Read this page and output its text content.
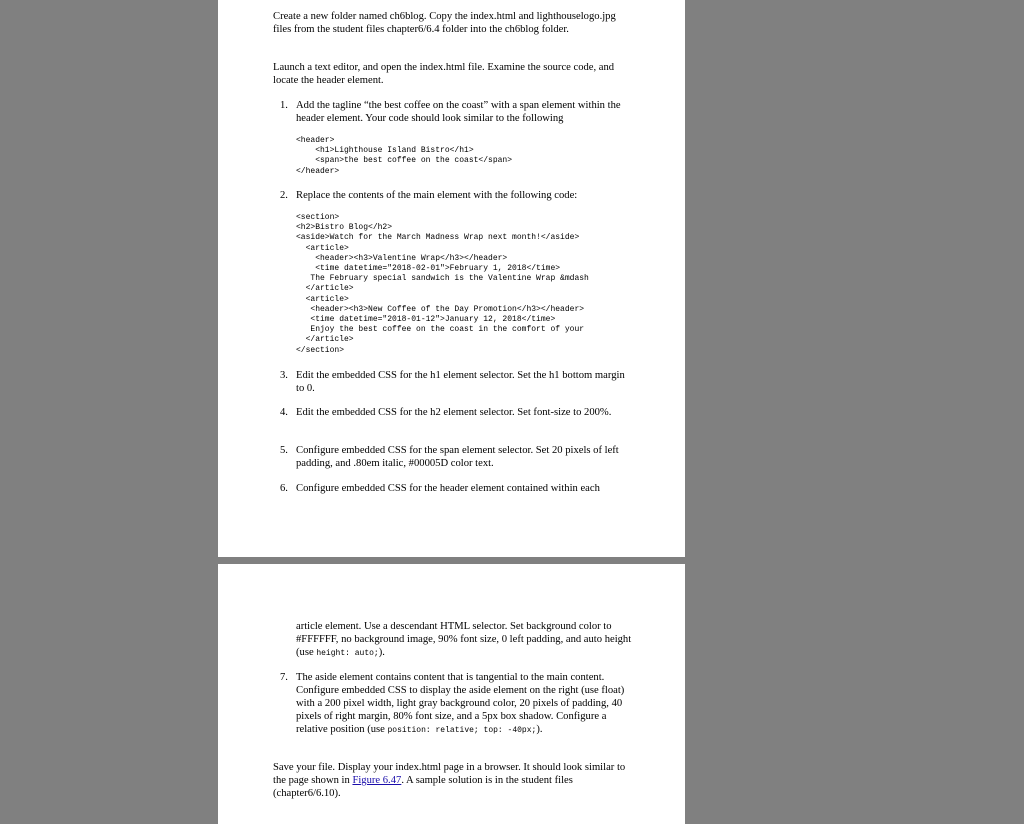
Create a new folder named ch6blog. Copy the index.html and lighthouselogo.jpg files from the student files chapter6/6.4 folder into the ch6blog folder.

Launch a text editor, and open the index.html file. Examine the source code, and locate the header element.

1. Add the tagline “the best coffee on the coast” with a span element within the header element. Your code should look similar to the following

<header>
<h1>Lighthouse Island Bistro</h1>
<span>the best coffee on the coast</span>
</header>
2. Replace the contents of the main element with the following code:

<section>
<h2>Bistro Blog</h2>
<aside>Watch for the March Madness Wrap next month!</aside>
<article>
<header><h3>Valentine Wrap</h3></header>
<time datetime="2018-02-01">February 1, 2018</time>
The February special sandwich is the Valentine Wrap &mdash
</article>
<article>
<header><h3>New Coffee of the Day Promotion</h3></header>
<time datetime="2018-01-12">January 12, 2018</time>
Enjoy the best coffee on the coast in the comfort of your
</article>
</section>
3. Edit the embedded CSS for the h1 element selector. Set the h1 bottom margin to 0.

4. Edit the embedded CSS for the h2 element selector. Set font-size to 200%.

5. Configure embedded CSS for the span element selector. Set 20 pixels of left padding, and .80em italic, #00005D color text.

6. Configure embedded CSS for the header element contained within each

article element. Use a descendant HTML selector. Set background color to #FFFFFF, no background image, 90% font size, 0 left padding, and auto height (use height: auto;).

7. The aside element contains content that is tangential to the main content. Configure embedded CSS to display the aside element on the right (use float) with a 200 pixel width, light gray background color, 20 pixels of padding, 40 pixels of right margin, 80% font size, and a 5px box shadow. Configure a relative position (use position: relative; top: -40px;).

Save your file. Display your index.html page in a browser. It should look similar to the page shown in Figure 6.47. A sample solution is in the student files (chapter6/6.10).
